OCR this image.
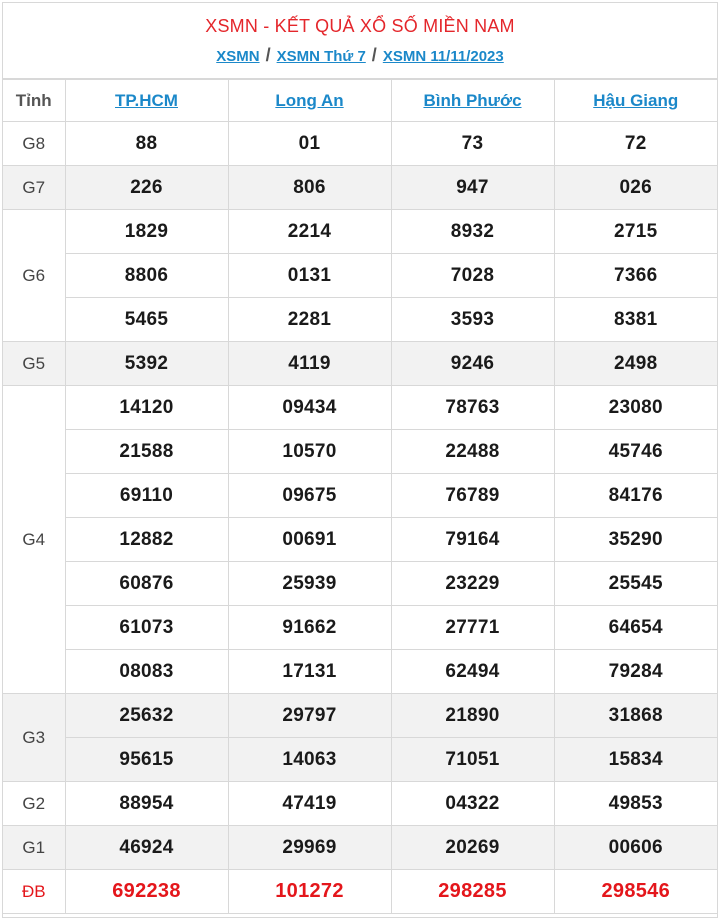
XSMN - KẾT QUẢ XỔ SỐ MIỀN NAM
XSMN / XSMN Thứ 7 / XSMN 11/11/2023
Tỉnh	TP.HCM	Long An	Bình Phước	Hậu Giang
G8	88	01	73	72
G7	226	806	947	026
G6	1829	2214	8932	2715
	8806	0131	7028	7366
	5465	2281	3593	8381
G5	5392	4119	9246	2498
G4	14120	09434	78763	23080
	21588	10570	22488	45746
	69110	09675	76789	84176
	12882	00691	79164	35290
	60876	25939	23229	25545
	61073	91662	27771	64654
	08083	17131	62494	79284
G3	25632	29797	21890	31868
	95615	14063	71051	15834
G2	88954	47419	04322	49853
G1	46924	29969	20269	00606
ĐB	692238	101272	298285	298546
